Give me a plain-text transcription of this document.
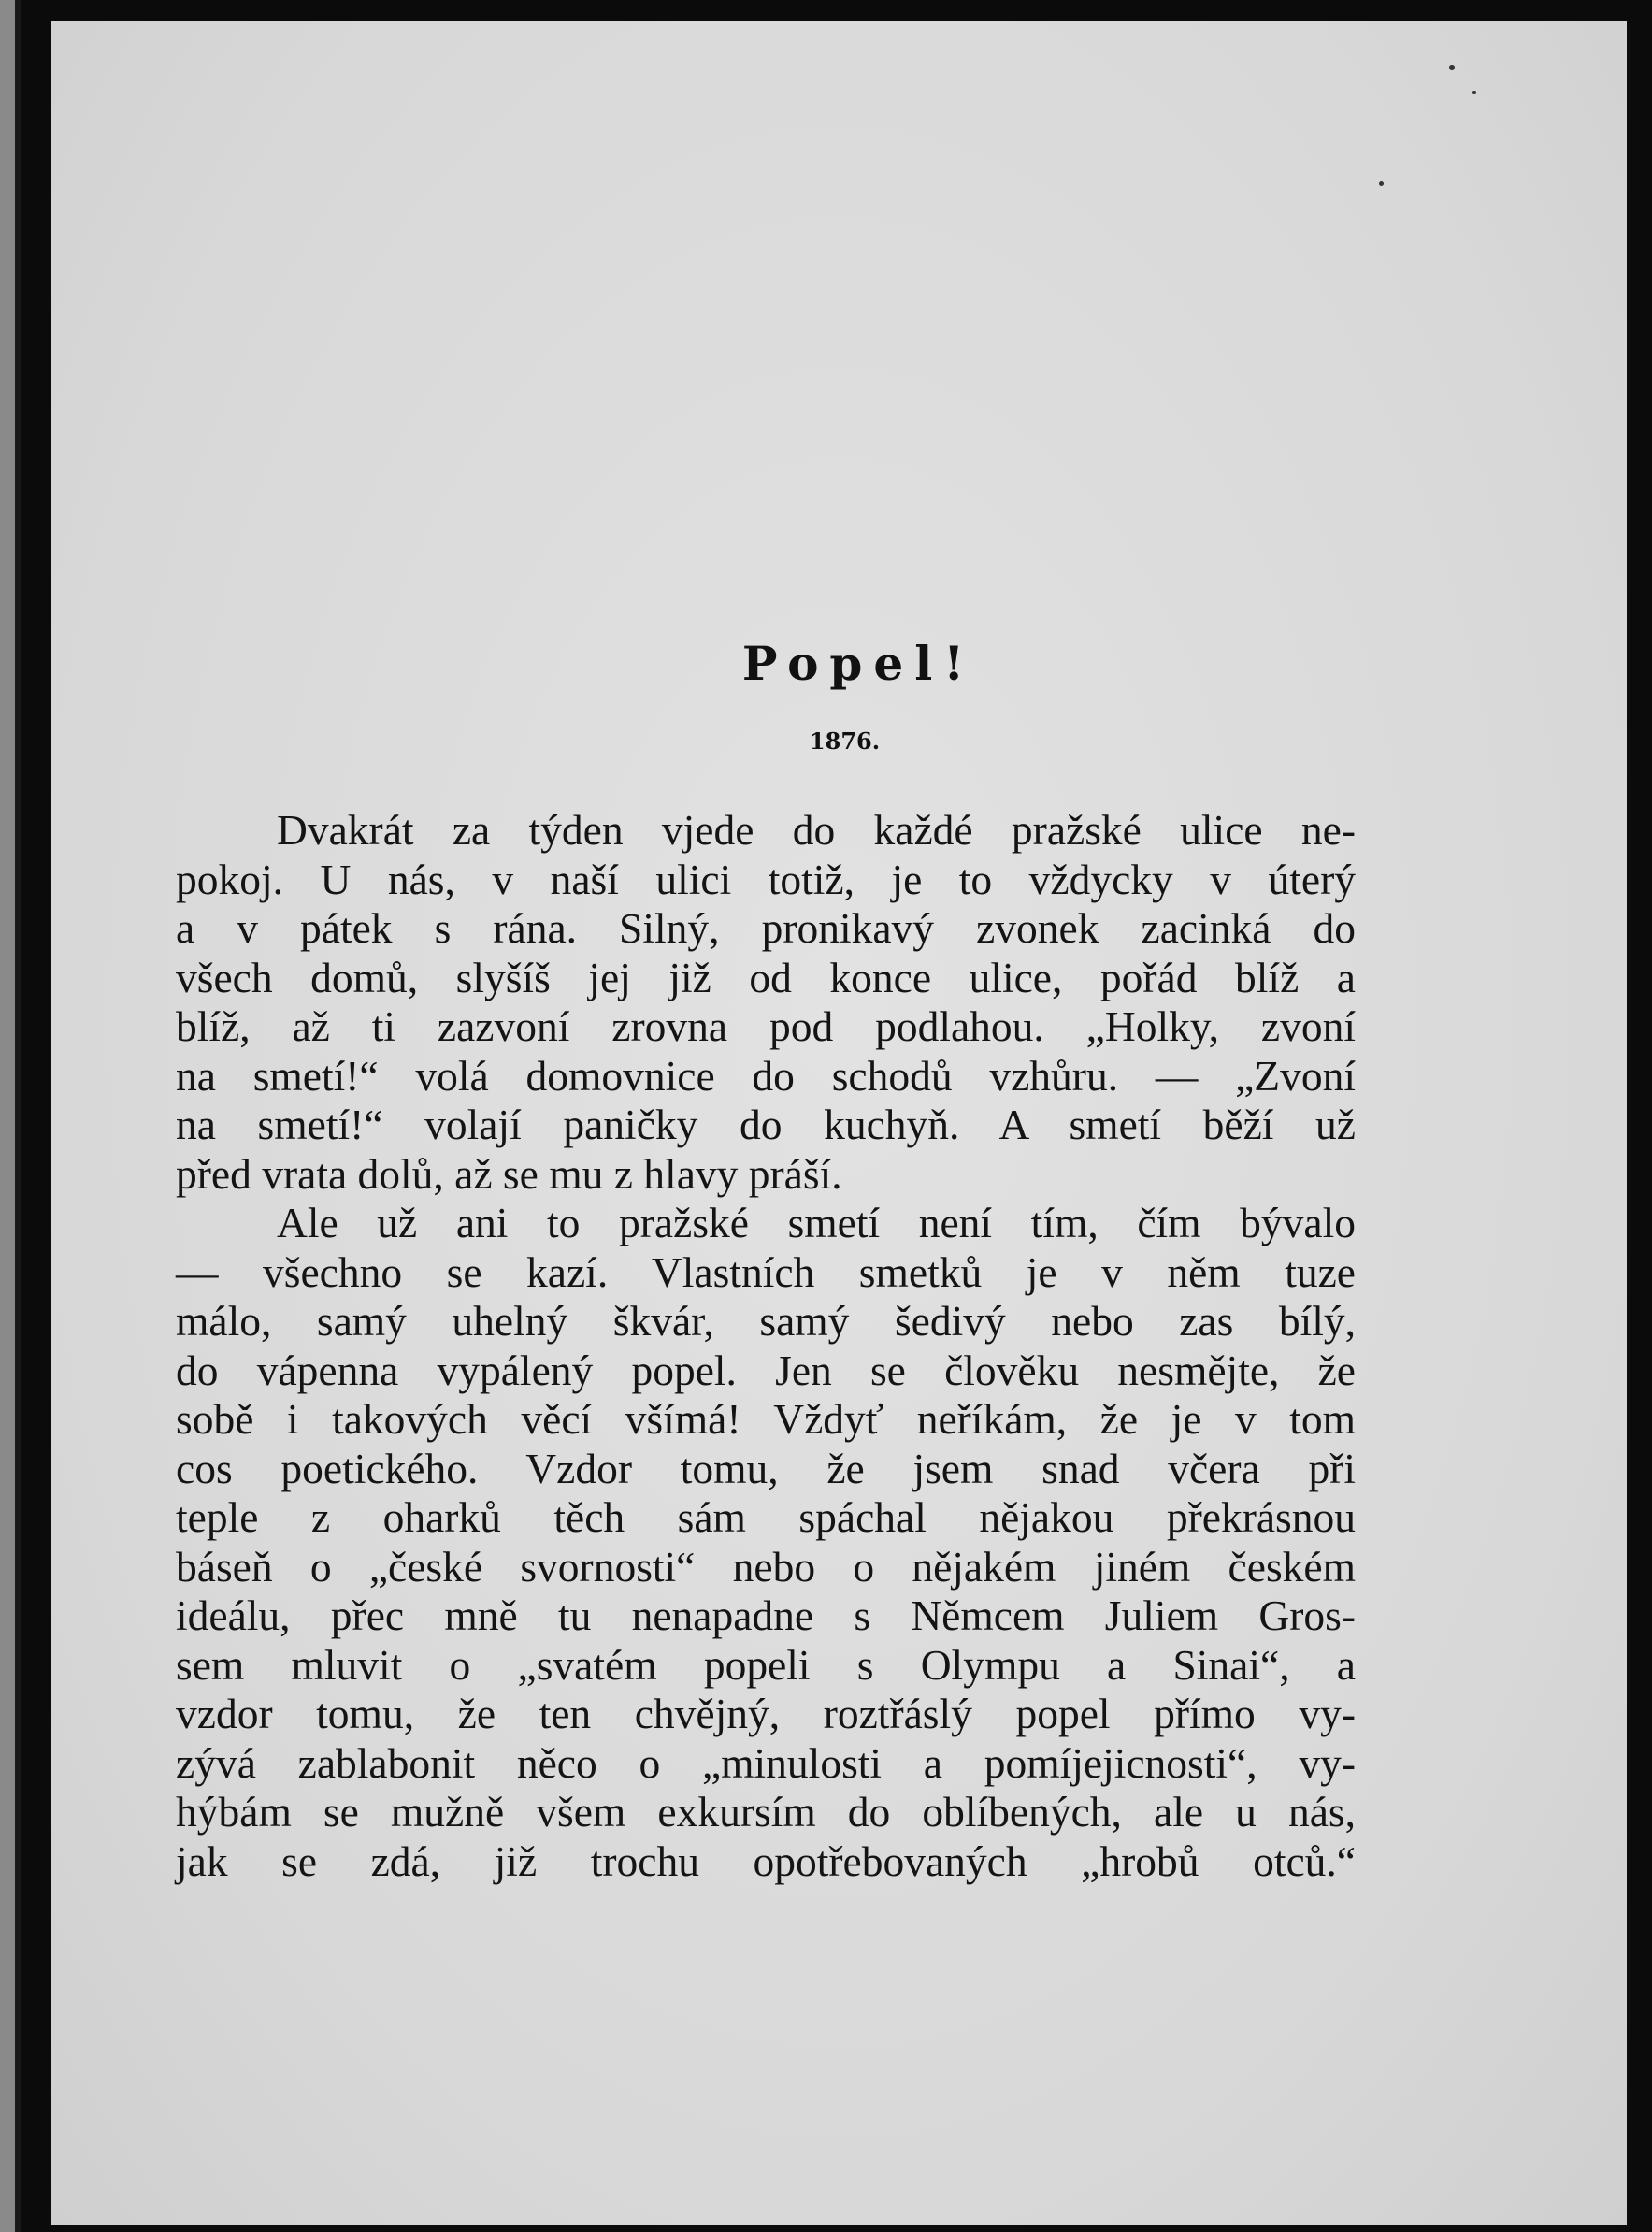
Popel!
1876.
Dvakrát za týden vjede do každé pražské ulice ne-
pokoj. U nás, v naší ulici totiž, je to vždycky v úterý
a v pátek s rána. Silný, pronikavý zvonek zacinká do
všech domů, slyšíš jej již od konce ulice, pořád blíž a
blíž, až ti zazvoní zrovna pod podlahou. „Holky, zvoní
na smetí!“ volá domovnice do schodů vzhůru. — „Zvoní
na smetí!“ volají paničky do kuchyň. A smetí běží už
před vrata dolů, až se mu z hlavy práší.
Ale už ani to pražské smetí není tím, čím bývalo
— všechno se kazí. Vlastních smetků je v něm tuze
málo, samý uhelný škvár, samý šedivý nebo zas bílý,
do vápenna vypálený popel. Jen se člověku nesmějte, že
sobě i takových věcí všímá! Vždyť neříkám, že je v tom
cos poetického. Vzdor tomu, že jsem snad včera při
teple z oharků těch sám spáchal nějakou překrásnou
báseň o „české svornosti“ nebo o nějakém jiném českém
ideálu, přec mně tu nenapadne s Němcem Juliem Gros-
sem mluvit o „svatém popeli s Olympu a Sinai“, a
vzdor tomu, že ten chvějný, roztřáslý popel přímo vy-
zývá zablabonit něco o „minulosti a pomíjejicnosti“, vy-
hýbám se mužně všem exkursím do oblíbených, ale u nás,
jak se zdá, již trochu opotřebovaných „hrobů otců.“
